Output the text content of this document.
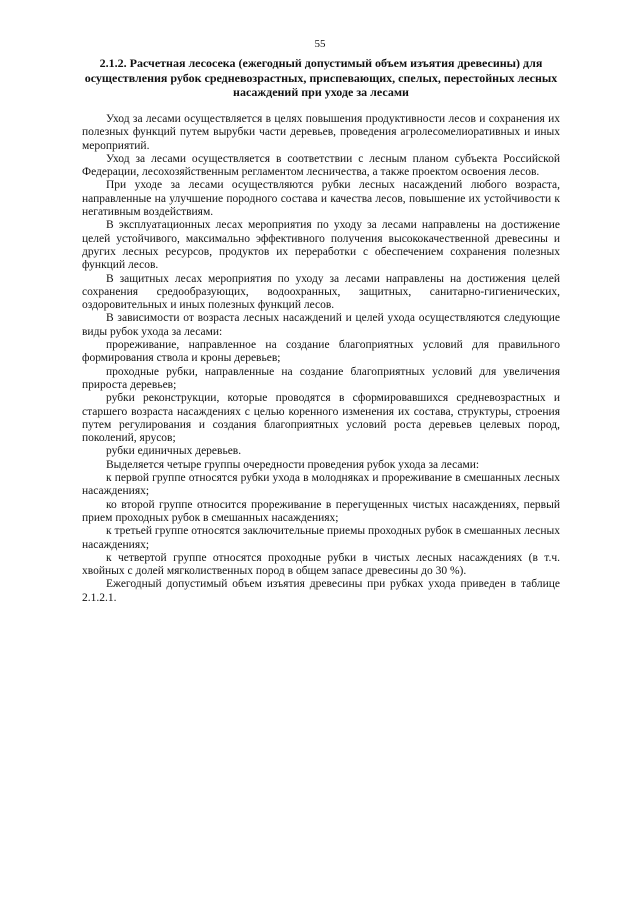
55
2.1.2. Расчетная лесосека (ежегодный допустимый объем изъятия древесины) для осуществления рубок средневозрастных, приспевающих, спелых, перестойных лесных насаждений при уходе за лесами

Уход за лесами осуществляется в целях повышения продуктивности лесов и сохранения их полезных функций путем вырубки части деревьев, проведения агролесомелиоративных и иных мероприятий.

Уход за лесами осуществляется в соответствии с лесным планом субъекта Российской Федерации, лесохозяйственным регламентом лесничества, а также проектом освоения лесов.

При уходе за лесами осуществляются рубки лесных насаждений любого возраста, направленные на улучшение породного состава и качества лесов, повышение их устойчивости к негативным воздействиям.

В эксплуатационных лесах мероприятия по уходу за лесами направлены на достижение целей устойчивого, максимально эффективного получения высококачественной древесины и других лесных ресурсов, продуктов их переработки с обеспечением сохранения полезных функций лесов.

В защитных лесах мероприятия по уходу за лесами направлены на достижения целей сохранения средообразующих, водоохранных, защитных, санитарно-гигиенических, оздоровительных и иных полезных функций лесов.

В зависимости от возраста лесных насаждений и целей ухода осуществляются следующие виды рубок ухода за лесами:

прореживание, направленное на создание благоприятных условий для правильного формирования ствола и кроны деревьев;

проходные рубки, направленные на создание благоприятных условий для увеличения прироста деревьев;

рубки реконструкции, которые проводятся в сформировавшихся средневозрастных и старшего возраста насаждениях с целью коренного изменения их состава, структуры, строения путем регулирования и создания благоприятных условий роста деревьев целевых пород, поколений, ярусов;

рубки единичных деревьев.

Выделяется четыре группы очередности проведения рубок ухода за лесами:

к первой группе относятся рубки ухода в молодняках и прореживание в смешанных лесных насаждениях;

ко второй группе относится прореживание в перегущенных чистых насаждениях, первый прием проходных рубок в смешанных насаждениях;

к третьей группе относятся заключительные приемы проходных рубок в смешанных лесных насаждениях;

к четвертой группе относятся проходные рубки в чистых лесных насаждениях (в т.ч. хвойных с долей мягколиственных пород в общем запасе древесины до 30 %).

Ежегодный допустимый объем изъятия древесины при рубках ухода приведен в таблице 2.1.2.1.
